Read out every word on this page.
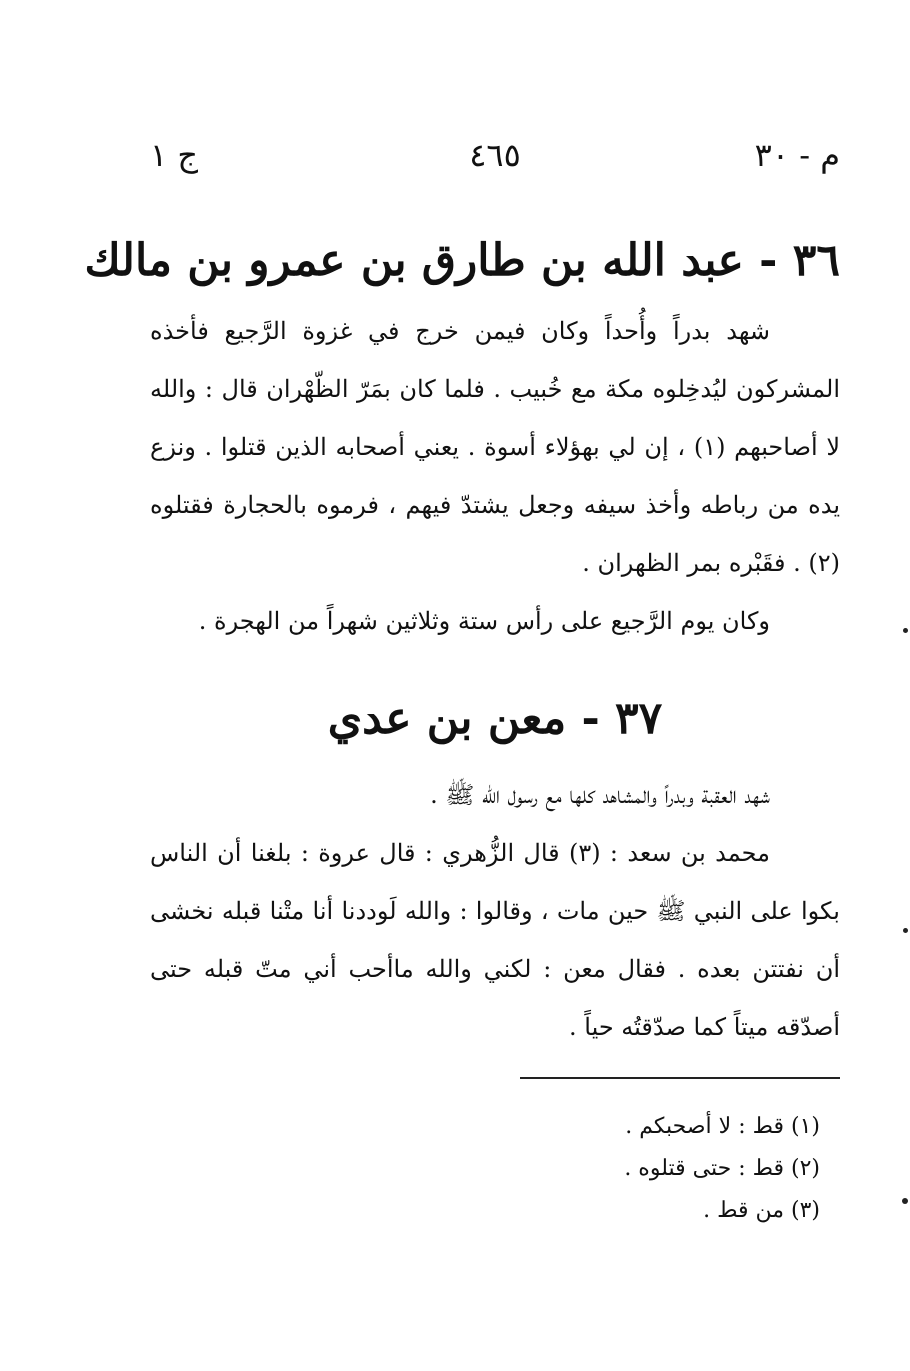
ج ١	٤٦٥	م - ٣٠
٣٦ - عبد الله بن طارق بن عمرو بن مالك

شهد بدراً وأُحداً وكان فيمن خرج في غزوة الرَّجيع فأخذه المشركون ليُدخِلوه مكة مع خُبيب . فلما كان بمَرّ الظّهْران قال : والله لا أصاحبهم (١) ، إن لي بهؤلاء أسوة . يعني أصحابه الذين قتلوا . ونزع يده من رباطه وأخذ سيفه وجعل يشتدّ فيهم ، فرموه بالحجارة فقتلوه (٢) . فقَبْره بمر الظهران .

وكان يوم الرَّجيع على رأس ستة وثلاثين شهراً من الهجرة .

٣٧ - معن بن عدي

شهد العقبة وبدراً والمشاهد كلها مع رسول الله ﷺ .

محمد بن سعد : (٣) قال الزُّهري : قال عروة : بلغنا أن الناس بكوا على النبي ﷺ حين مات ، وقالوا : والله لَوددنا أنا متْنا قبله نخشى أن نفتتن بعده . فقال معن : لكني والله ماأحب أني متّ قبله حتى أصدّقه ميتاً كما صدّقتُه حياً .

(١) قط : لا أصحبكم .
(٢) قط : حتى قتلوه .
(٣) من قط .
